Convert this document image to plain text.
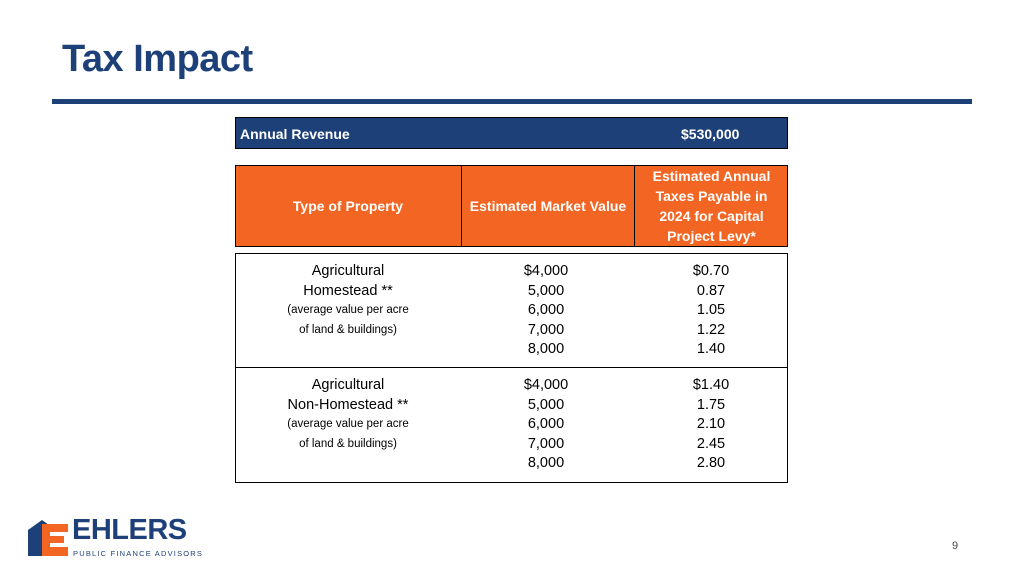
Tax Impact
Annual Revenue	$530,000
Type of Property	Estimated Market Value
Estimated Annual
Taxes Payable in
2024 for Capital
Project Levy*
Agricultural
Homestead **
(average value per acre
of land & buildings)
$4,000
5,000
6,000
7,000
8,000
$0.70
0.87
1.05
1.22
1.40
Agricultural
Non-Homestead **
(average value per acre
of land & buildings)
$4,000
5,000
6,000
7,000
8,000
$1.40
1.75
2.10
2.45
2.80
EHLERS
PUBLIC FINANCE ADVISORS
9
